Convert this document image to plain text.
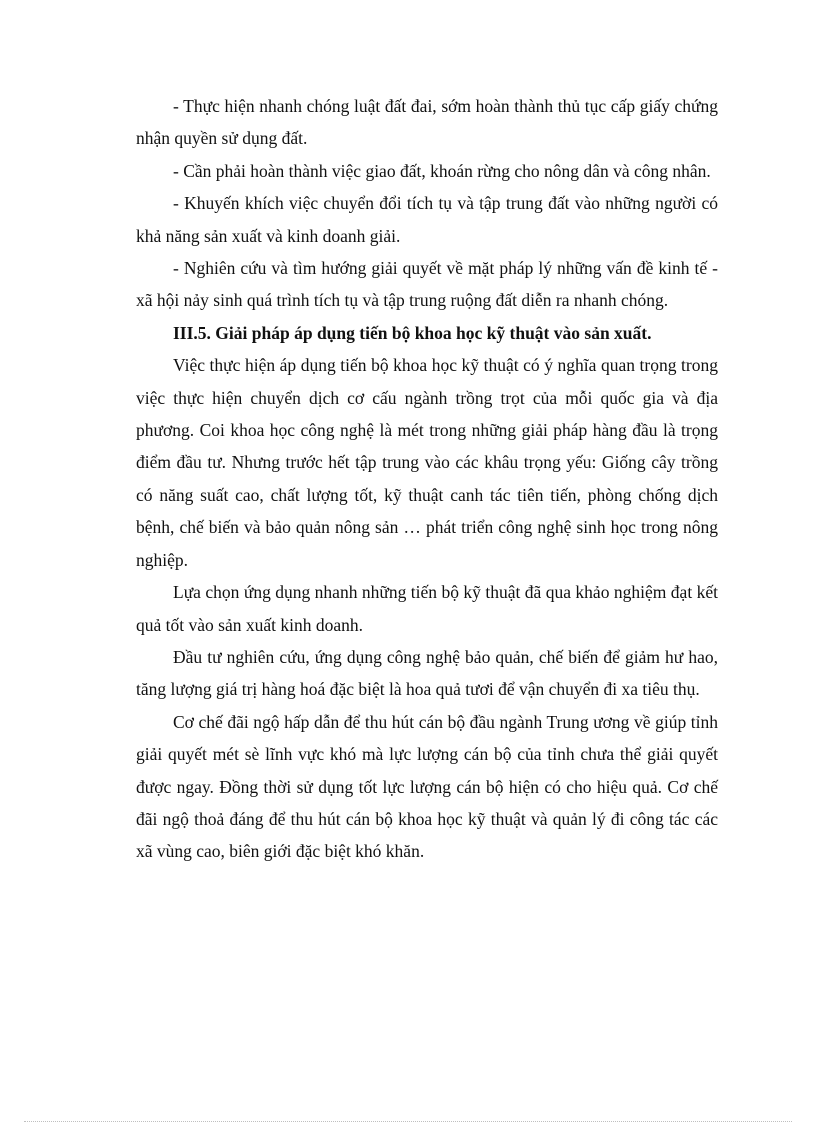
- Thực hiện nhanh chóng luật đất đai, sớm hoàn thành thủ tục cấp giấy chứng nhận quyền sử dụng đất.

- Cần phải hoàn thành việc giao đất, khoán rừng cho nông dân và công nhân.

- Khuyến khích việc chuyển đổi tích tụ và tập trung đất vào những người có khả năng sản xuất và kinh doanh giải.

- Nghiên cứu và tìm hướng giải quyết về mặt pháp lý những vấn đề kinh tế - xã hội nảy sinh quá trình tích tụ và tập trung ruộng đất diễn ra nhanh chóng.

III.5. Giải pháp áp dụng tiến bộ khoa học kỹ thuật vào sản xuất.

Việc thực hiện áp dụng tiến bộ khoa học kỹ thuật có ý nghĩa quan trọng trong việc thực hiện chuyển dịch cơ cấu ngành trồng trọt của mỗi quốc gia và địa phương. Coi khoa học công nghệ là mét trong những giải pháp hàng đầu là trọng điểm đầu tư. Nhưng trước hết tập trung vào các khâu trọng yếu: Giống cây trồng có năng suất cao, chất lượng tốt, kỹ thuật canh tác tiên tiến, phòng chống dịch bệnh, chế biến và bảo quản nông sản … phát triển công nghệ sinh học trong nông nghiệp.

Lựa chọn ứng dụng nhanh những tiến bộ kỹ thuật đã qua khảo nghiệm đạt kết quả tốt vào sản xuất kinh doanh.

Đầu tư nghiên cứu, ứng dụng công nghệ bảo quản, chế biến để giảm hư hao, tăng lượng giá trị hàng hoá đặc biệt là hoa quả tươi để vận chuyển đi xa tiêu thụ.

Cơ chế đãi ngộ hấp dẫn để thu hút cán bộ đầu ngành Trung ương về giúp tỉnh giải quyết mét sè lĩnh vực khó mà lực lượng cán bộ của tỉnh chưa thể giải quyết được ngay. Đồng thời sử dụng tốt lực lượng cán bộ hiện có cho hiệu quả. Cơ chế đãi ngộ thoả đáng để thu hút cán bộ khoa học kỹ thuật và quản lý đi công tác các xã vùng cao, biên giới đặc biệt khó khăn.
